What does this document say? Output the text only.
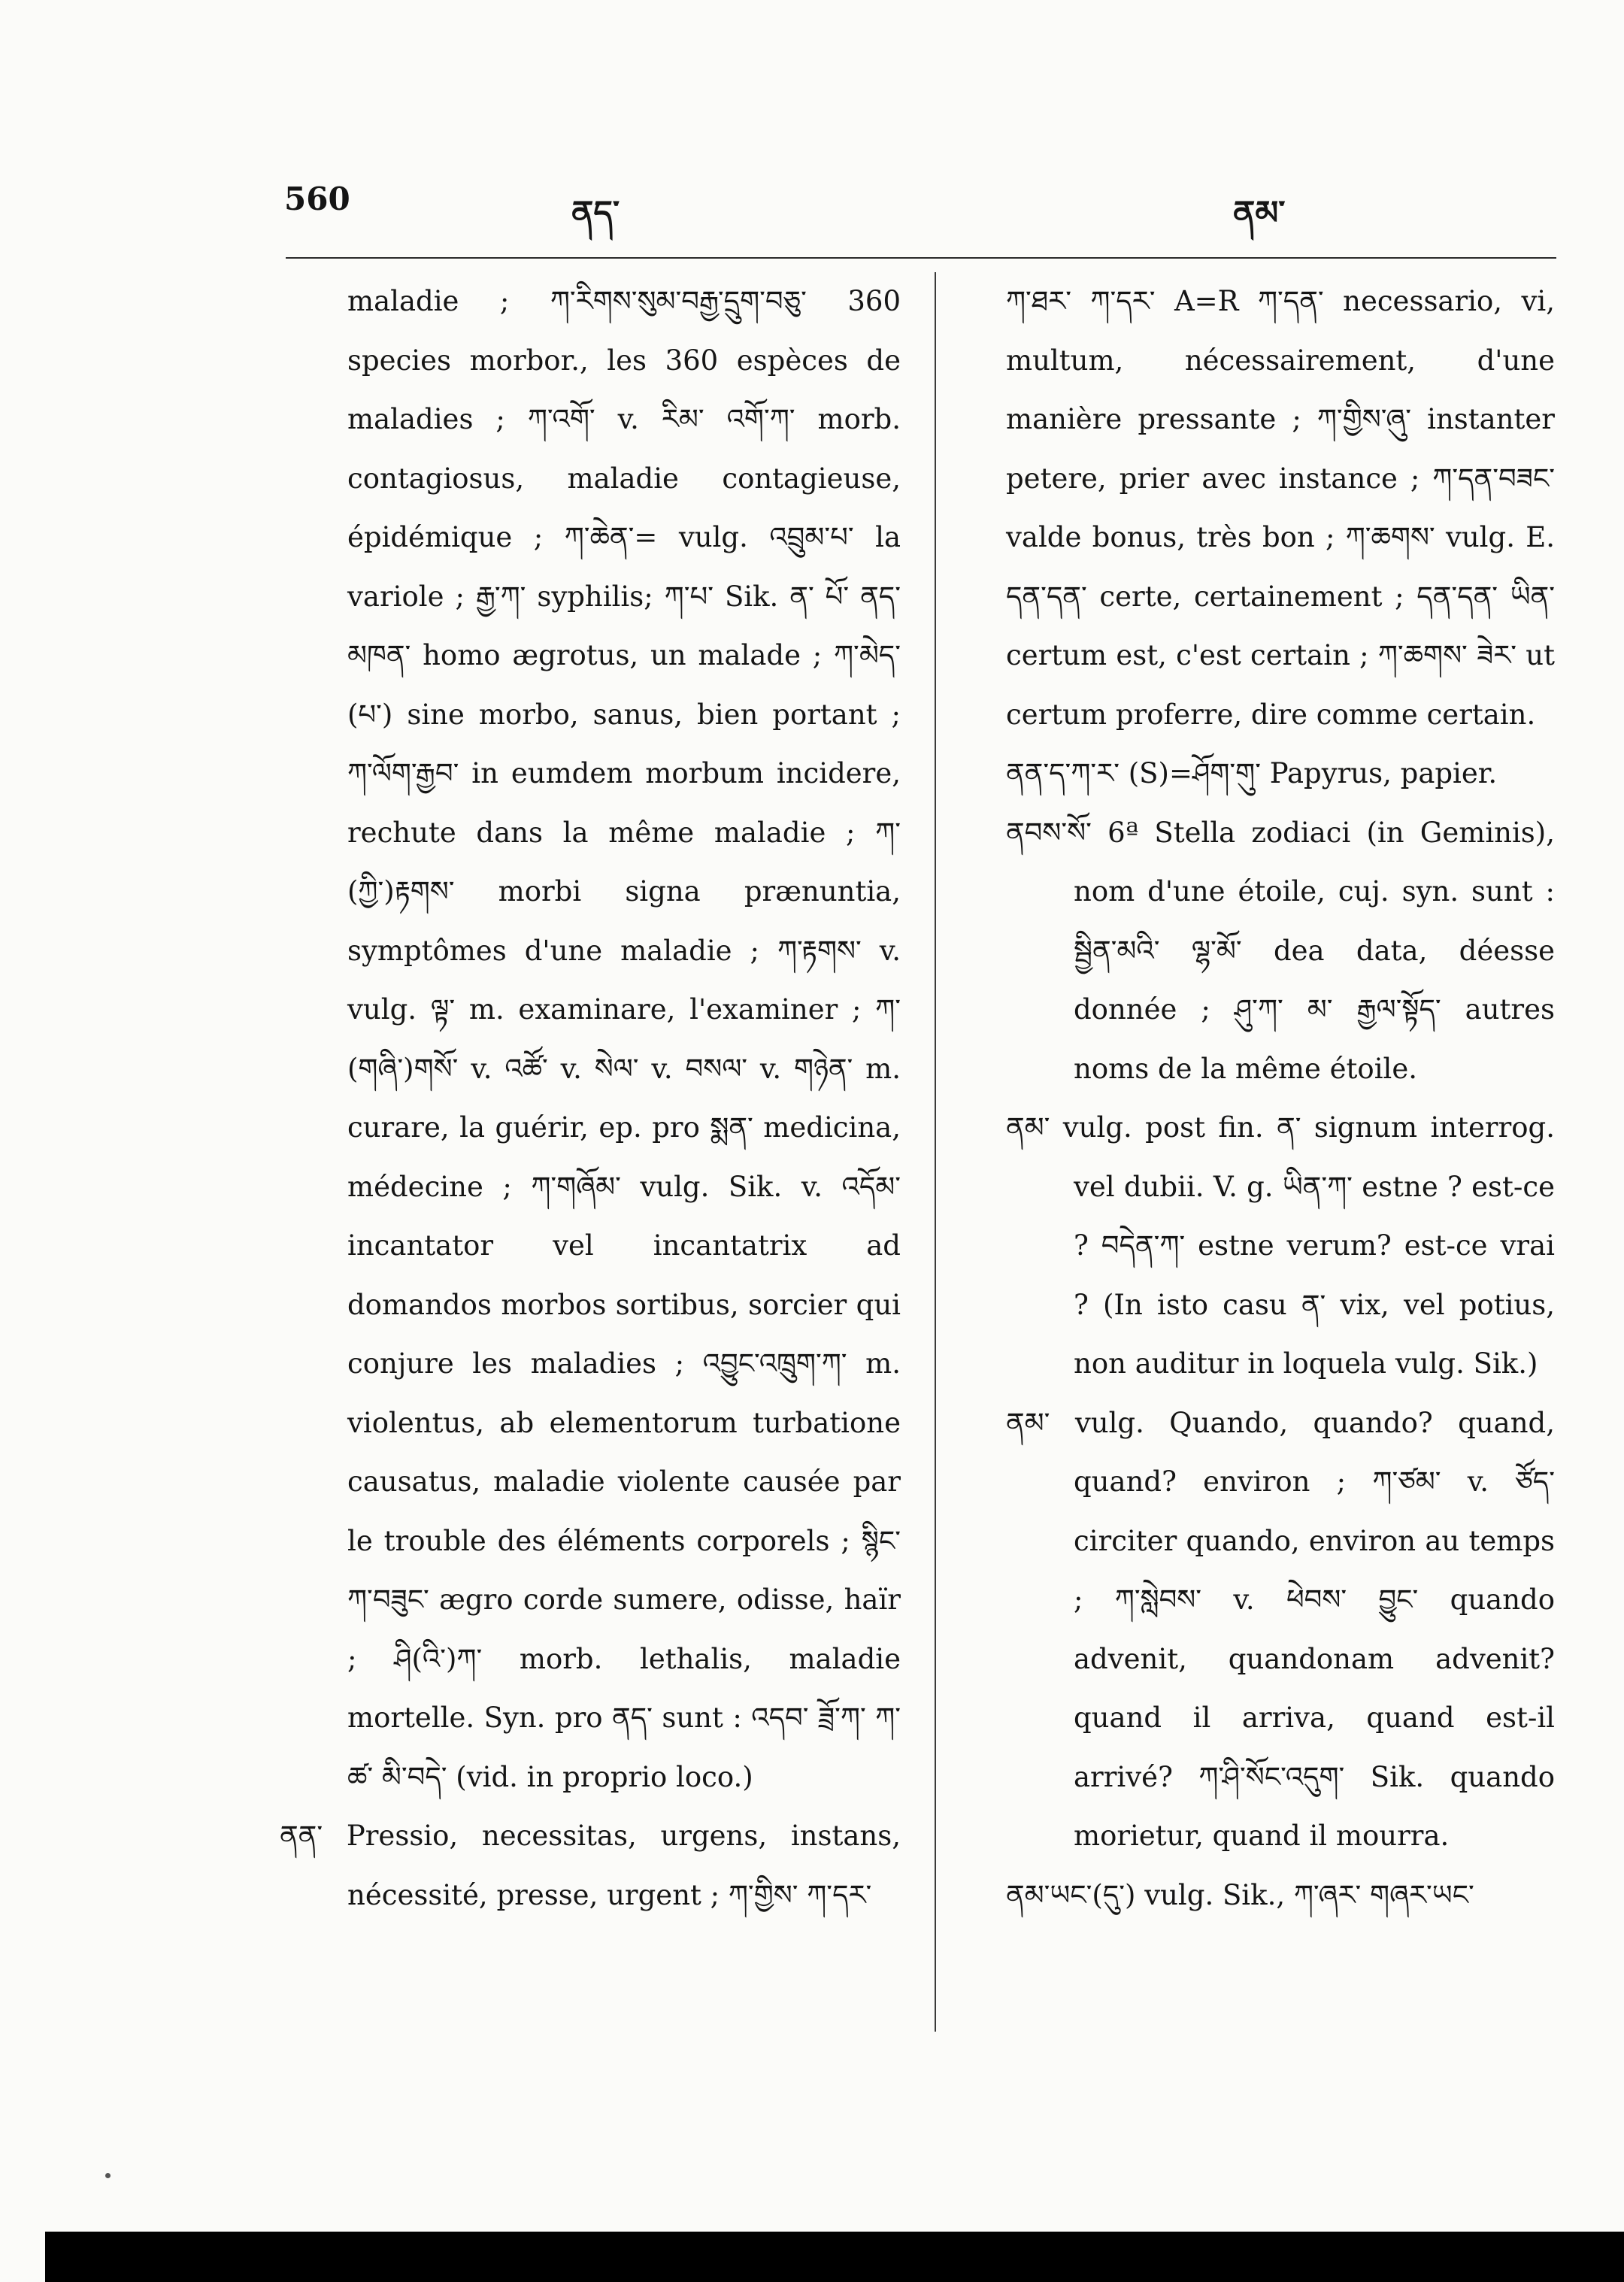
560	ནད་	ནམ་

maladie ; ཀ་རིགས་སུམ་བརྒྱ་དྲུག་བཅུ་ 360 species morbor., les 360 espèces de maladies ; ཀ་འགོ་ v. རིམ་ འགོ་ཀ་ morb. contagiosus, maladie contagieuse, épidémique ; ཀ་ཆེན་= vulg. འབྲུམ་པ་ la variole ; རྒྱ་ཀ་ syphilis; ཀ་པ་ Sik. ན་ པོ་ ནད་མཁན་ homo ægrotus, un malade ; ཀ་མེད་(པ་) sine morbo, sanus, bien portant ; ཀ་ལོག་རྒྱབ་ in eumdem morbum incidere, rechute dans la même maladie ; ཀ་(ཀྱི་)རྟགས་ morbi signa prænuntia, symptômes d'une maladie ; ཀ་རྟགས་ v. vulg. ལྟ་ m. examinare, l'examiner ; ཀ་(གཞི་)གསོ་ v. འཚོ་ v. སེལ་ v. བསལ་ v. གཉེན་ m. curare, la guérir, ep. pro སྨན་ medicina, médecine ; ཀ་གཞོམ་ vulg. Sik. v. འདོམ་ incantator vel incantatrix ad domandos morbos sortibus, sorcier qui conjure les maladies ; འབྱུང་འཁྲུག་ཀ་ m. violentus, ab elementorum turbatione causatus, maladie violente causée par le trouble des éléments corporels ; སྙིང་ཀ་བཟུང་ ægro corde sumere, odisse, haïr ; ཤི(འི་)ཀ་ morb. lethalis, maladie mortelle. Syn. pro ནད་ sunt : འདབ་ ཟྲོ་ཀ་ ཀ་ཚ་ མི་བདེ་ (vid. in proprio loco.)

ནན་ Pressio, necessitas, urgens, instans, nécessité, presse, urgent ; ཀ་གྱིས་ ཀ་དར་

ཀ་ཐར་ ཀ་དར་ A=R ཀ་དན་ necessario, vi, multum, nécessairement, d'une manière pressante ; ཀ་གྱིས་ཞུ་ instanter petere, prier avec instance ; ཀ་དན་བཟང་ valde bonus, très bon ; ཀ་ཆགས་ vulg. E. དན་དན་ certe, certainement ; དན་དན་ ཡིན་ certum est, c'est certain ; ཀ་ཆགས་ ཟེར་ ut certum proferre, dire comme certain.

ནན་ད་ཀ་ར་ (S)=ཤོག་གུ་ Papyrus, papier.

ནབས་སོ་ 6ª Stella zodiaci (in Geminis), nom d'une étoile, cuj. syn. sunt : སྦྱིན་མའི་ ལྷ་མོ་ dea data, déesse donnée ; ཤུ་ཀ་ མ་ རྒྱལ་སྟོད་ autres noms de la même étoile.

ནམ་ vulg. post fin. ན་ signum interrog. vel dubii. V. g. ཡིན་ཀ་ estne ? est-ce ? བདེན་ཀ་ estne verum? est-ce vrai ? (In isto casu ན་ vix, vel potius, non auditur in loquela vulg. Sik.)

ནམ་ vulg. Quando, quando? quand, quand? environ ; ཀ་ཙམ་ v. ཙོད་ circiter quando, environ au temps ; ཀ་སླེབས་ v. ཕེབས་ བྱུང་ quando advenit, quandonam advenit? quand il arriva, quand est-il arrivé? ཀ་ཤི་སོང་འདུག་ Sik. quando morietur, quand il mourra.

ནམ་ཡང་(དུ་) vulg. Sik., ཀ་ཞར་ གཞར་ཡང་
